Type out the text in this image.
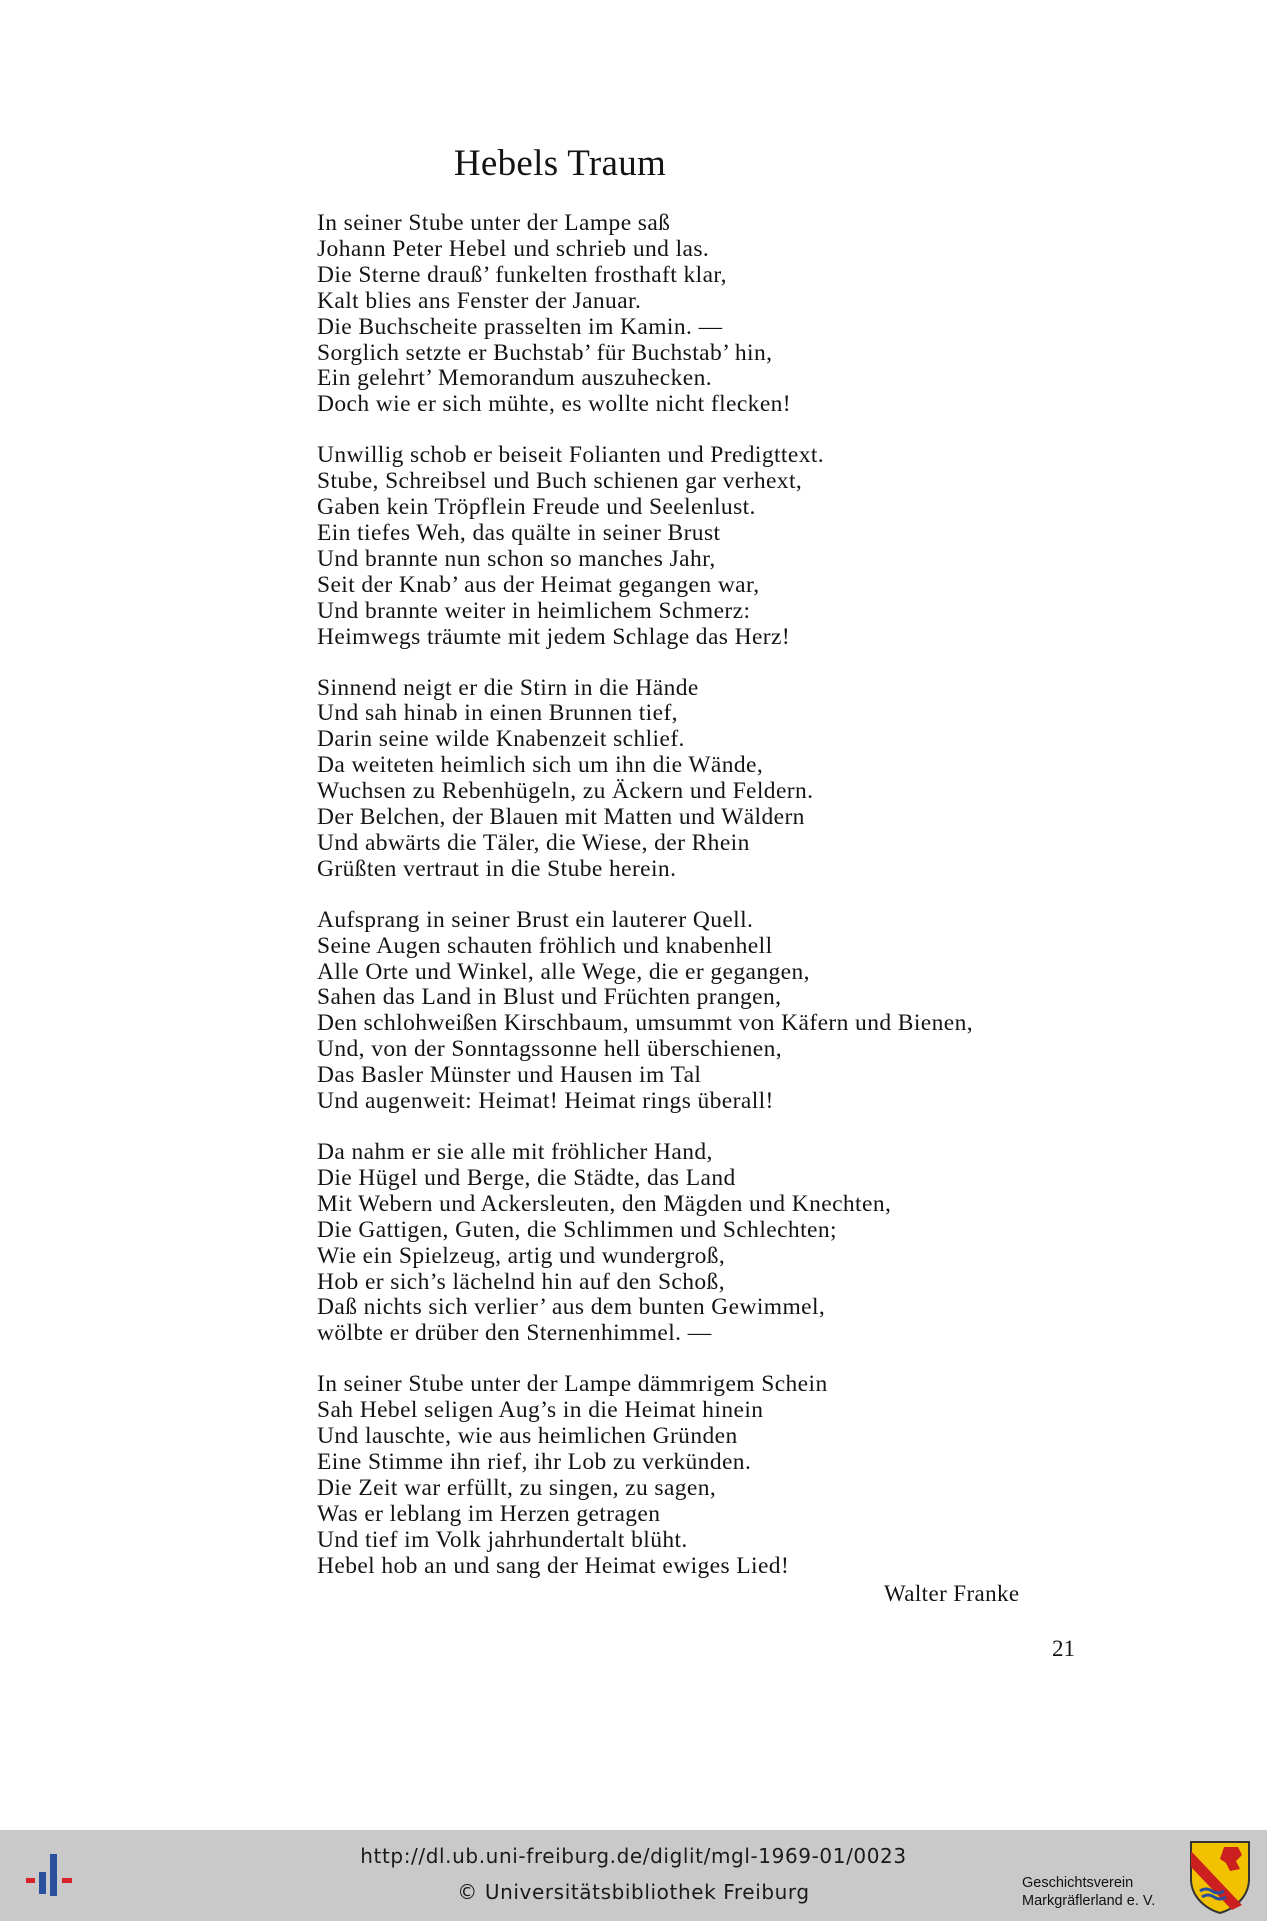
Hebels Traum
In seiner Stube unter der Lampe saß
Johann Peter Hebel und schrieb und las.
Die Sterne drauß’ funkelten frosthaft klar,
Kalt blies ans Fenster der Januar.
Die Buchscheite prasselten im Kamin. —
Sorglich setzte er Buchstab’ für Buchstab’ hin,
Ein gelehrt’ Memorandum auszuhecken.
Doch wie er sich mühte, es wollte nicht flecken!
Unwillig schob er beiseit Folianten und Predigttext.
Stube, Schreibsel und Buch schienen gar verhext,
Gaben kein Tröpflein Freude und Seelenlust.
Ein tiefes Weh, das quälte in seiner Brust
Und brannte nun schon so manches Jahr,
Seit der Knab’ aus der Heimat gegangen war,
Und brannte weiter in heimlichem Schmerz:
Heimwegs träumte mit jedem Schlage das Herz!
Sinnend neigt er die Stirn in die Hände
Und sah hinab in einen Brunnen tief,
Darin seine wilde Knabenzeit schlief.
Da weiteten heimlich sich um ihn die Wände,
Wuchsen zu Rebenhügeln, zu Äckern und Feldern.
Der Belchen, der Blauen mit Matten und Wäldern
Und abwärts die Täler, die Wiese, der Rhein
Grüßten vertraut in die Stube herein.
Aufsprang in seiner Brust ein lauterer Quell.
Seine Augen schauten fröhlich und knabenhell
Alle Orte und Winkel, alle Wege, die er gegangen,
Sahen das Land in Blust und Früchten prangen,
Den schlohweißen Kirschbaum, umsummt von Käfern und Bienen,
Und, von der Sonntagssonne hell überschienen,
Das Basler Münster und Hausen im Tal
Und augenweit: Heimat! Heimat rings überall!
Da nahm er sie alle mit fröhlicher Hand,
Die Hügel und Berge, die Städte, das Land
Mit Webern und Ackersleuten, den Mägden und Knechten,
Die Gattigen, Guten, die Schlimmen und Schlechten;
Wie ein Spielzeug, artig und wundergroß,
Hob er sich’s lächelnd hin auf den Schoß,
Daß nichts sich verlier’ aus dem bunten Gewimmel,
wölbte er drüber den Sternenhimmel. —
In seiner Stube unter der Lampe dämmrigem Schein
Sah Hebel seligen Aug’s in die Heimat hinein
Und lauschte, wie aus heimlichen Gründen
Eine Stimme ihn rief, ihr Lob zu verkünden.
Die Zeit war erfüllt, zu singen, zu sagen,
Was er leblang im Herzen getragen
Und tief im Volk jahrhundertalt blüht.
Hebel hob an und sang der Heimat ewiges Lied!
Walter Franke
21
http://dl.ub.uni-freiburg.de/diglit/mgl-1969-01/0023
© Universitätsbibliothek Freiburg	Geschichtsverein
Markgräflerland e. V.
